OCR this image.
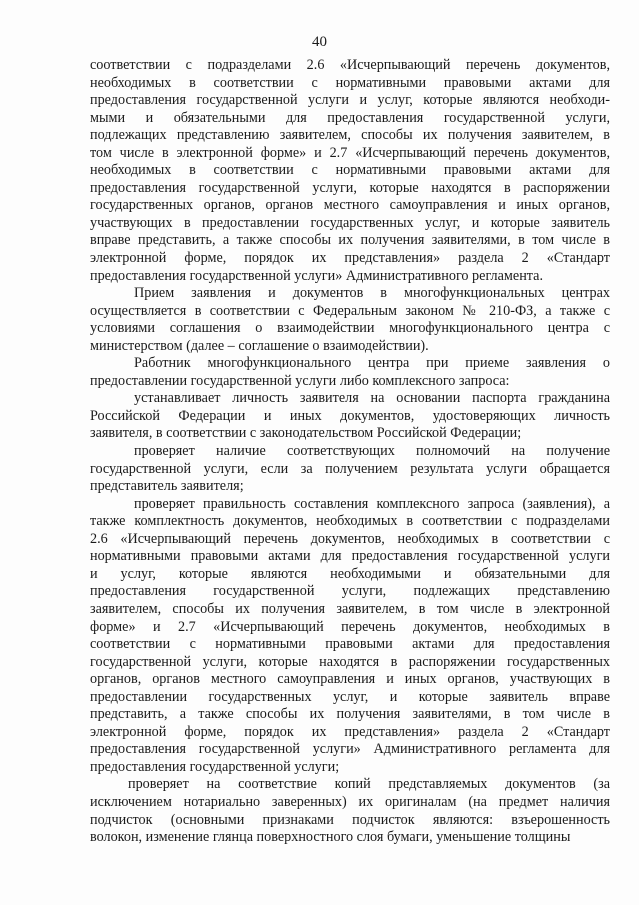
40
соответствии с подразделами 2.6 «Исчерпывающий перечень документов,
необходимых в соответствии с нормативными правовыми актами для
предоставления государственной услуги и услуг, которые являются необходи-
мыми и обязательными для предоставления государственной услуги,
подлежащих представлению заявителем, способы их получения заявителем, в
том числе в электронной форме» и 2.7 «Исчерпывающий перечень документов,
необходимых в соответствии с нормативными правовыми актами для
предоставления государственной услуги, которые находятся в распоряжении
государственных органов, органов местного самоуправления и иных органов,
участвующих в предоставлении государственных услуг, и которые заявитель
вправе представить, а также способы их получения заявителями, в том числе в
электронной форме, порядок их представления» раздела 2 «Стандарт
предоставления государственной услуги» Административного регламента.
Прием заявления и документов в многофункциональных центрах
осуществляется в соответствии с Федеральным законом № 210-ФЗ, а также с
условиями соглашения о взаимодействии многофункционального центра с
министерством (далее – соглашение о взаимодействии).
Работник многофункционального центра при приеме заявления о
предоставлении государственной услуги либо комплексного запроса:
устанавливает личность заявителя на основании паспорта гражданина
Российской Федерации и иных документов, удостоверяющих личность
заявителя, в соответствии с законодательством Российской Федерации;
проверяет наличие соответствующих полномочий на получение
государственной услуги, если за получением результата услуги обращается
представитель заявителя;
проверяет правильность составления комплексного запроса (заявления), а
также комплектность документов, необходимых в соответствии с подразделами
2.6 «Исчерпывающий перечень документов, необходимых в соответствии с
нормативными правовыми актами для предоставления государственной услуги
и услуг, которые являются необходимыми и обязательными для
предоставления государственной услуги, подлежащих представлению
заявителем, способы их получения заявителем, в том числе в электронной
форме» и 2.7 «Исчерпывающий перечень документов, необходимых в
соответствии с нормативными правовыми актами для предоставления
государственной услуги, которые находятся в распоряжении государственных
органов, органов местного самоуправления и иных органов, участвующих в
предоставлении государственных услуг, и которые заявитель вправе
представить, а также способы их получения заявителями, в том числе в
электронной форме, порядок их представления» раздела 2 «Стандарт
предоставления государственной услуги» Административного регламента для
предоставления государственной услуги;
проверяет на соответствие копий представляемых документов (за
исключением нотариально заверенных) их оригиналам (на предмет наличия
подчисток (основными признаками подчисток являются: взъерошенность
волокон, изменение глянца поверхностного слоя бумаги, уменьшение толщины
